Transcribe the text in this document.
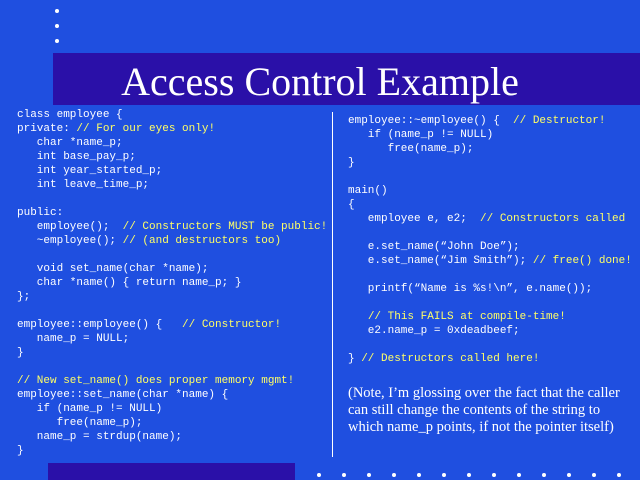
Access Control Example
class employee {
private: // For our eyes only!
char *name_p;
int base_pay_p;
int year_started_p;
int leave_time_p;

public:
employee();  // Constructors MUST be public!
~employee(); // (and destructors too)

void set_name(char *name);
char *name() { return name_p; }
};

employee::employee() {   // Constructor!
name_p = NULL;
}

// New set_name() does proper memory mgmt!
employee::set_name(char *name) {
if (name_p != NULL)
free(name_p);
name_p = strdup(name);
}
employee::~employee() {  // Destructor!
if (name_p != NULL)
free(name_p);
}

main()
{
employee e, e2;  // Constructors called

e.set_name(“John Doe”);
e.set_name(“Jim Smith”); // free() done!

printf(“Name is %s!\n”, e.name());

// This FAILS at compile-time!
e2.name_p = 0xdeadbeef;

} // Destructors called here!

(Note, I’m glossing over the fact that the caller can still change the contents of the string to which name_p points, if not the pointer itself)
